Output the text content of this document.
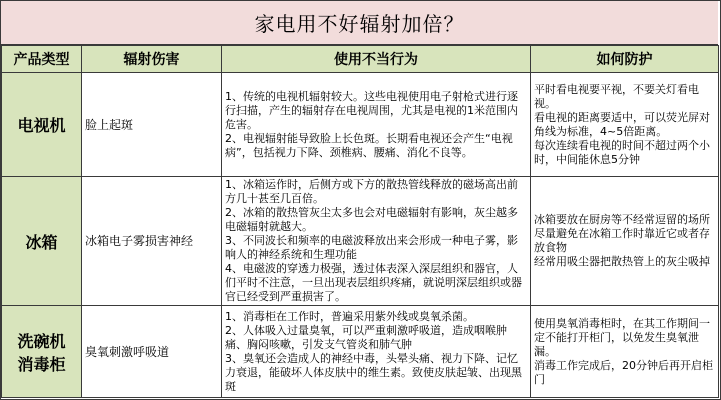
家电用不好辐射加倍？
产品类型	辐射伤害	使用不当行为	如何防护
电视机	脸上起斑	1、传统的电视机辐射较大。这些电视使用电子射枪式进行逐行扫描，产生的辐射存在电视周围，尤其是电视的1米范围内危害。
2、电视辐射能导致脸上长色斑。长期看电视还会产生“电视病”，包括视力下降、颈椎病、腰痛、消化不良等。	平时看电视要平视，不要关灯看电视。
看电视的距离要适中，可以荧光屏对角线为标准，4~5倍距离。
每次连续看电视的时间不超过两个小时，中间能休息5分钟
冰箱	冰箱电子雾损害神经	1、冰箱运作时，后侧方或下方的散热管线释放的磁场高出前方几十甚至几百倍。
2、冰箱的散热管灰尘太多也会对电磁辐射有影响，灰尘越多电磁辐射就越大。
3、不同波长和频率的电磁波释放出来会形成一种电子雾，影响人的神经系统和生理功能
4、电磁波的穿透力极强，透过体表深入深层组织和器官，人们平时不注意，一旦出现表层组织疼痛，就说明深层组织或器官已经受到严重损害了。	冰箱要放在厨房等不经常逗留的场所
尽量避免在冰箱工作时靠近它或者存放食物
经常用吸尘器把散热管上的灰尘吸掉
洗碗机
消毒柜	臭氧刺激呼吸道	1、消毒柜在工作时，普遍采用紫外线或臭氧杀菌。
2、人体吸入过量臭氧，可以严重刺激呼吸道，造成咽喉肿痛、胸闷咳嗽，引发支气管炎和肺气肿
3、臭氧还会造成人的神经中毒，头晕头痛、视力下降、记忆力衰退，能破坏人体皮肤中的维生素。致使皮肤起皱、出现黑斑	使用臭氧消毒柜时，在其工作期间一定不能打开柜门，以免发生臭氧泄漏。
消毒工作完成后，20分钟后再开启柜门
